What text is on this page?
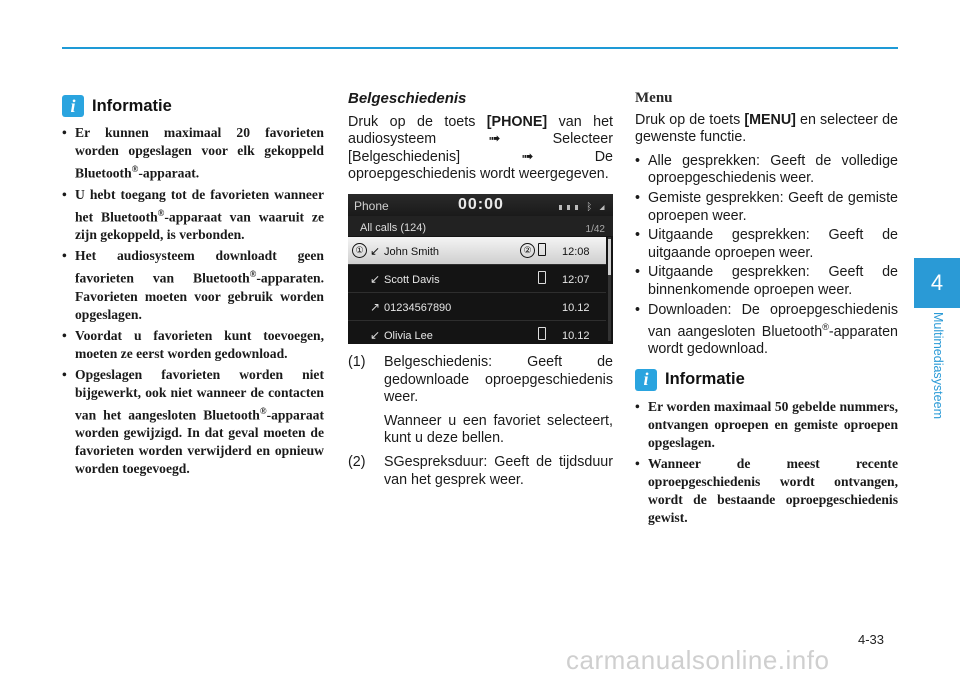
i	Informatie
• Er kunnen maximaal 20 favorieten worden opgeslagen voor elk gekoppeld Bluetooth®-apparaat.
• U hebt toegang tot de favorieten wanneer het Bluetooth®-apparaat van waaruit ze zijn gekoppeld, is verbonden.
• Het audiosysteem downloadt geen favorieten van Bluetooth®-apparaten. Favorieten moeten voor gebruik worden opgeslagen.
• Voordat u favorieten kunt toevoegen, moeten ze eerst worden gedownload.
• Opgeslagen favorieten worden niet bijgewerkt, ook niet wanneer de contacten van het aangesloten Bluetooth®-apparaat worden gewijzigd. In dat geval moeten de favorieten worden verwijderd en opnieuw worden toegevoegd.
Belgeschiedenis

Druk op de toets [PHONE] van het audiosysteem ➟ Selecteer [Belgeschiedenis] ➟ De oproepgeschiedenis wordt weergegeven.

Phone	00:00	▮▮▮ ᛒ ◢
All calls (124)	1/42
① ↙ John Smith	②	12:08
↙ Scott Davis	12:07
↗ 01234567890	10.12
↙ Olivia Lee	10.12
(1) Belgeschiedenis: Geeft de gedownloade oproepgeschiedenis weer.
Wanneer u een favoriet selecteert, kunt u deze bellen.
(2) SGespreksduur: Geeft de tijdsduur van het gesprek weer.
Menu

Druk op de toets [MENU] en selecteer de gewenste functie.

• Alle gesprekken: Geeft de volledige oproepgeschiedenis weer.
• Gemiste gesprekken: Geeft de gemiste oproepen weer.
• Uitgaande gesprekken: Geeft de uitgaande oproepen weer.
• Uitgaande gesprekken: Geeft de binnenkomende oproepen weer.
• Downloaden: De oproepgeschiedenis van aangesloten Bluetooth®-apparaten wordt gedownload.
i	Informatie
• Er worden maximaal 50 gebelde nummers, ontvangen oproepen en gemiste oproepen opgeslagen.
• Wanneer de meest recente oproepgeschiedenis wordt ontvangen, wordt de bestaande oproepgeschiedenis gewist.
4
Multimediasysteem
4-33
carmanualsonline.info
